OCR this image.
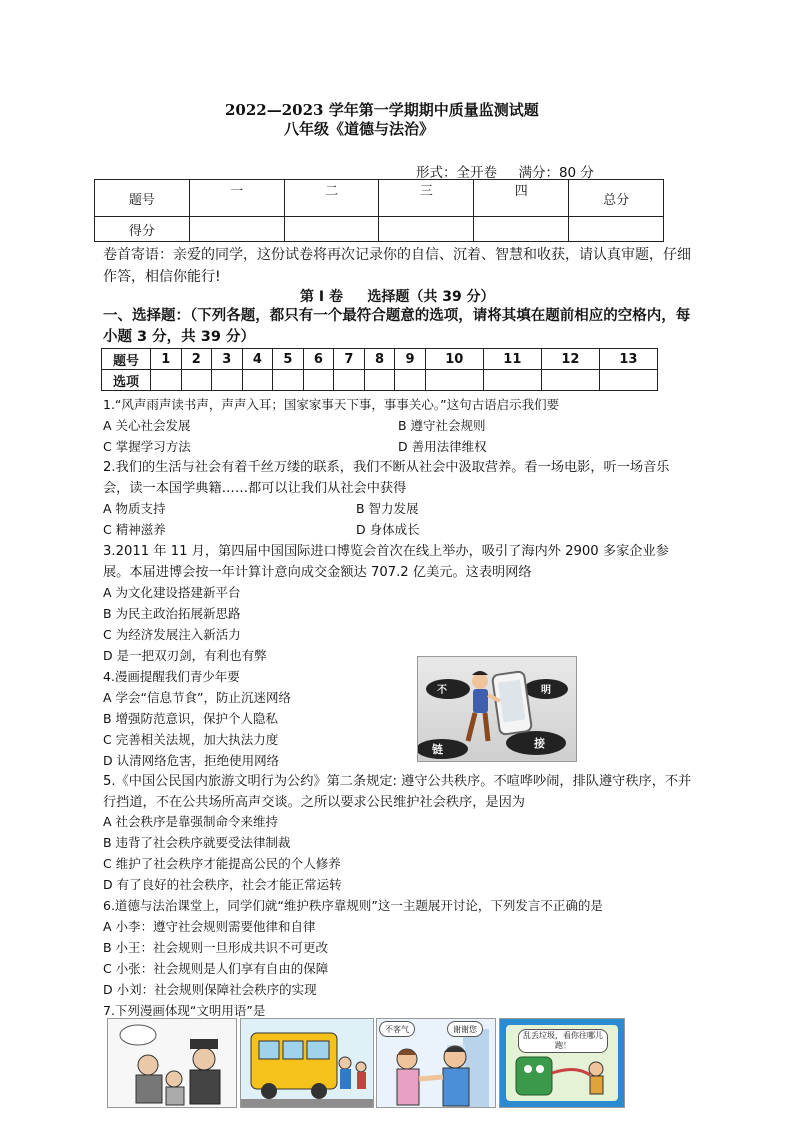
2022—2023 学年第一学期期中质量监测试题
八年级《道德与法治》
形式：全开卷     满分：80 分
题号	一	二	三	四	总分
得分					
卷首寄语：亲爱的同学，这份试卷将再次记录你的自信、沉着、智慧和收获，请认真审题，仔细作答，相信你能行!
第 I 卷     选择题（共 39 分）
一、选择题：（下列各题，都只有一个最符合题意的选项，请将其填在题前相应的空格内，每小题 3 分，共 39 分）
题号	1	2	3	4	5	6	7	8	9	10	11	12	13
选项													
1.“风声雨声读书声，声声入耳；国家家事天下事，事事关心。”这句古语启示我们要
A 关心社会发展	B 遵守社会规则
C 掌握学习方法	D 善用法律维权
2.我们的生活与社会有着千丝万缕的联系，我们不断从社会中汲取营养。看一场电影，听一场音乐会，读一本国学典籍……都可以让我们从社会中获得
A 物质支持	B 智力发展
C 精神滋养	D 身体成长
3.2011 年 11 月，第四届中国国际进口博览会首次在线上举办，吸引了海内外 2900 多家企业参展。本届进博会按一年计算计意向成交金额达 707.2 亿美元。这表明网络
A 为文化建设搭建新平台
B 为民主政治拓展新思路
C 为经济发展注入新活力
D 是一把双刃剑，有利也有弊
4.漫画提醒我们青少年要
A 学会“信息节食”，防止沉迷网络
B 增强防范意识，保护个人隐私
C 完善相关法规，加大执法力度
D 认清网络危害，拒绝使用网络
不	明
链	接
5.《中国公民国内旅游文明行为公约》第二条规定: 遵守公共秩序。不喧哗吵闹，排队遵守秩序，不并行挡道，不在公共场所高声交谈。之所以要求公民维护社会秩序，是因为
A 社会秩序是靠强制命令来维持
B 违背了社会秩序就要受法律制裁
C 维护了社会秩序才能提高公民的个人修养
D 有了良好的社会秩序，社会才能正常运转
6.道德与法治课堂上，同学们就“维护秩序靠规则”这一主题展开讨论，下列发言不正确的是
A 小李：遵守社会规则需要他律和自律
B 小王：社会规则一旦形成共识不可更改
C 小张：社会规则是人们享有自由的保障
D 小刘：社会规则保障社会秩序的实现
7.下列漫画体现“文明用语”是
不客气	谢谢您
乱丢垃圾，看你往哪儿跑！
